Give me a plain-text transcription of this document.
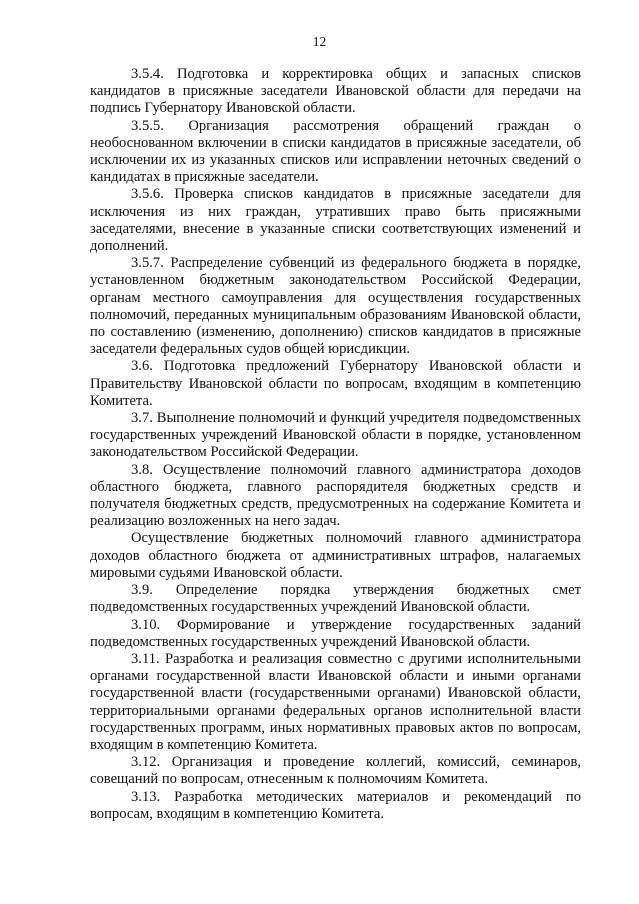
12

3.5.4. Подготовка и корректировка общих и запасных списков кандидатов в присяжные заседатели Ивановской области для передачи на подпись Губернатору Ивановской области.

3.5.5. Организация рассмотрения обращений граждан о необоснованном включении в списки кандидатов в присяжные заседатели, об исключении их из указанных списков или исправлении неточных сведений о кандидатах в присяжные заседатели.

3.5.6. Проверка списков кандидатов в присяжные заседатели для исключения из них граждан, утративших право быть присяжными заседателями, внесение в указанные списки соответствующих изменений и дополнений.

3.5.7. Распределение субвенций из федерального бюджета в порядке, установленном бюджетным законодательством Российской Федерации, органам местного самоуправления для осуществления государственных полномочий, переданных муниципальным образованиям Ивановской области, по составлению (изменению, дополнению) списков кандидатов в присяжные заседатели федеральных судов общей юрисдикции.

3.6. Подготовка предложений Губернатору Ивановской области и Правительству Ивановской области по вопросам, входящим в компетенцию Комитета.

3.7. Выполнение полномочий и функций учредителя подведомственных государственных учреждений Ивановской области в порядке, установленном законодательством Российской Федерации.

3.8. Осуществление полномочий главного администратора доходов областного бюджета, главного распорядителя бюджетных средств и получателя бюджетных средств, предусмотренных на содержание Комитета и реализацию возложенных на него задач.

Осуществление бюджетных полномочий главного администратора доходов областного бюджета от административных штрафов, налагаемых мировыми судьями Ивановской области.

3.9. Определение порядка утверждения бюджетных смет подведомственных государственных учреждений Ивановской области.

3.10. Формирование и утверждение государственных заданий подведомственных государственных учреждений Ивановской области.

3.11. Разработка и реализация совместно с другими исполнительными органами государственной власти Ивановской области и иными органами государственной власти (государственными органами) Ивановской области, территориальными органами федеральных органов исполнительной власти государственных программ, иных нормативных правовых актов по вопросам, входящим в компетенцию Комитета.

3.12. Организация и проведение коллегий, комиссий, семинаров, совещаний по вопросам, отнесенным к полномочиям Комитета.

3.13. Разработка методических материалов и рекомендаций по вопросам, входящим в компетенцию Комитета.
